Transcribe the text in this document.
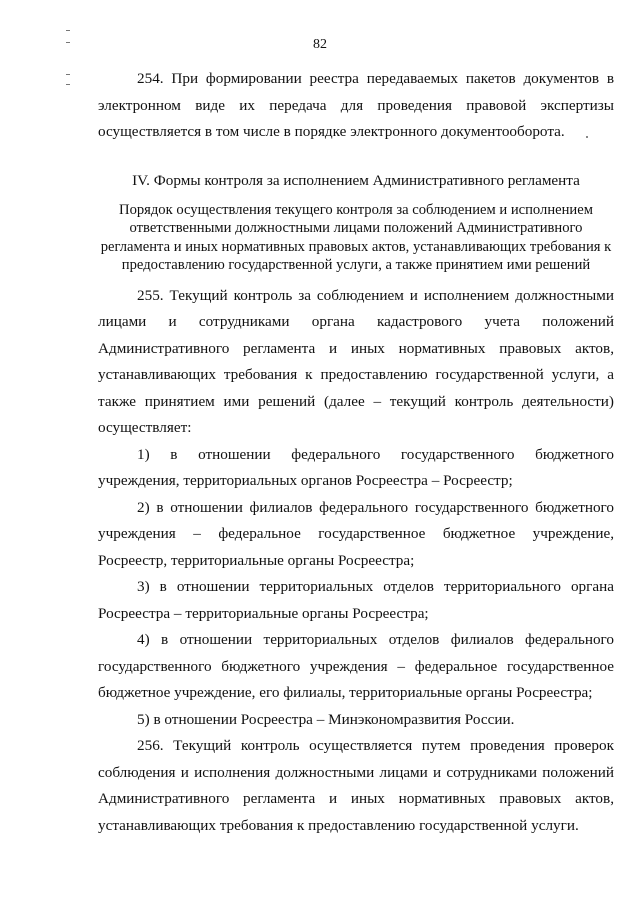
82

254. При формировании реестра передаваемых пакетов документов в электронном виде их передача для проведения правовой экспертизы осуществляется в том числе в порядке электронного документооборота.

IV. Формы контроля за исполнением Административного регламента
Порядок осуществления текущего контроля за соблюдением и исполнением ответственными должностными лицами положений Административного регламента и иных нормативных правовых актов, устанавливающих требования к предоставлению государственной услуги, а также принятием ими решений

255. Текущий контроль за соблюдением и исполнением должностными лицами и сотрудниками органа кадастрового учета положений Административного регламента и иных нормативных правовых актов, устанавливающих требования к предоставлению государственной услуги, а также принятием ими решений (далее – текущий контроль деятельности) осуществляет:

1) в отношении федерального государственного бюджетного учреждения, территориальных органов Росреестра – Росреестр;

2) в отношении филиалов федерального государственного бюджетного учреждения – федеральное государственное бюджетное учреждение, Росреестр, территориальные органы Росреестра;

3) в отношении территориальных отделов территориального органа Росреестра – территориальные органы Росреестра;

4) в отношении территориальных отделов филиалов федерального государственного бюджетного учреждения – федеральное государственное бюджетное учреждение, его филиалы, территориальные органы Росреестра;

5) в отношении Росреестра – Минэкономразвития России.

256. Текущий контроль осуществляется путем проведения проверок соблюдения и исполнения должностными лицами и сотрудниками положений Административного регламента и иных нормативных правовых актов, устанавливающих требования к предоставлению государственной услуги.
